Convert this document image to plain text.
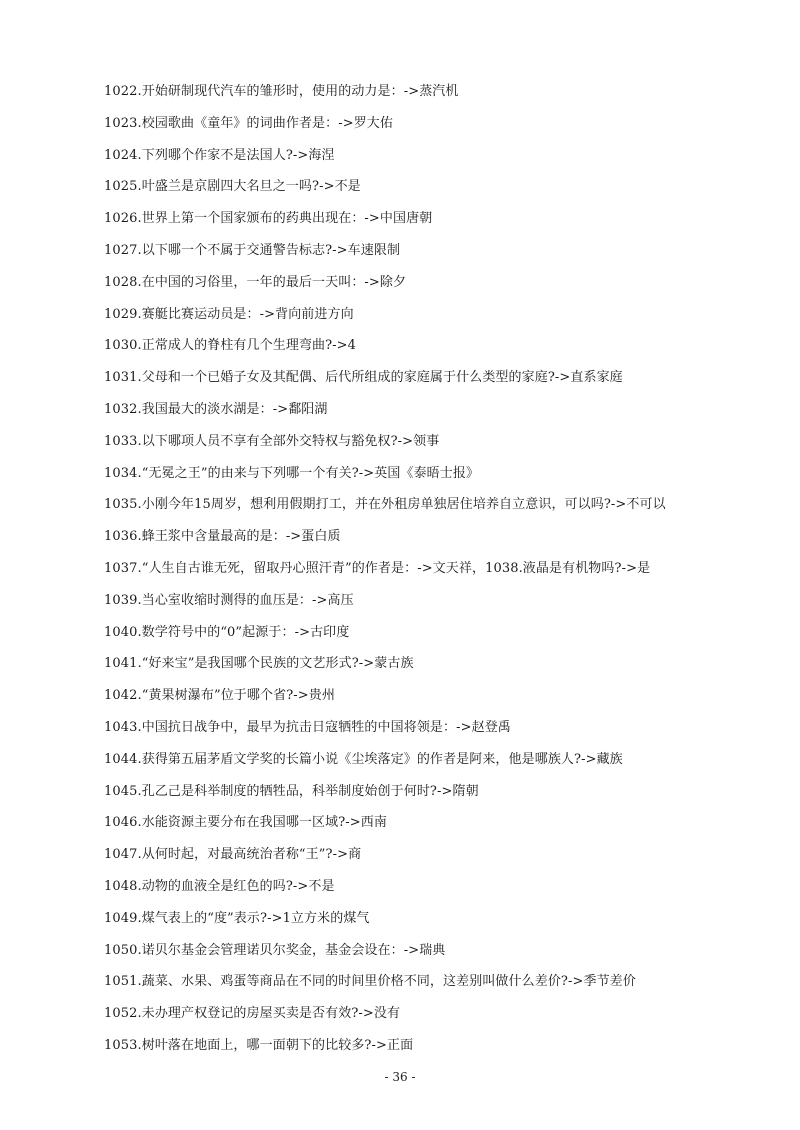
1022.开始研制现代汽车的雏形时，使用的动力是：->蒸汽机
1023.校园歌曲《童年》的词曲作者是：->罗大佑
1024.下列哪个作家不是法国人?->海涅
1025.叶盛兰是京剧四大名旦之一吗?->不是
1026.世界上第一个国家颁布的药典出现在：->中国唐朝
1027.以下哪一个不属于交通警告标志?->车速限制
1028.在中国的习俗里，一年的最后一天叫：->除夕
1029.赛艇比赛运动员是：->背向前进方向
1030.正常成人的脊柱有几个生理弯曲?->4
1031.父母和一个已婚子女及其配偶、后代所组成的家庭属于什么类型的家庭?->直系家庭
1032.我国最大的淡水湖是：->鄱阳湖
1033.以下哪项人员不享有全部外交特权与豁免权?->领事
1034.“无冕之王”的由来与下列哪一个有关?->英国《泰晤士报》
1035.小刚今年15周岁，想利用假期打工，并在外租房单独居住培养自立意识，可以吗?->不可以
1036.蜂王浆中含量最高的是：->蛋白质
1037.“人生自古谁无死，留取丹心照汗青”的作者是：->文天祥，1038.液晶是有机物吗?->是
1039.当心室收缩时测得的血压是：->高压
1040.数学符号中的“0”起源于：->古印度
1041.“好来宝”是我国哪个民族的文艺形式?->蒙古族
1042.“黄果树瀑布”位于哪个省?->贵州
1043.中国抗日战争中，最早为抗击日寇牺牲的中国将领是：->赵登禹
1044.获得第五届茅盾文学奖的长篇小说《尘埃落定》的作者是阿来，他是哪族人?->藏族
1045.孔乙己是科举制度的牺牲品，科举制度始创于何时?->隋朝
1046.水能资源主要分布在我国哪一区域?->西南
1047.从何时起，对最高统治者称“王”?->商
1048.动物的血液全是红色的吗?->不是
1049.煤气表上的“度”表示?->1立方米的煤气
1050.诺贝尔基金会管理诺贝尔奖金，基金会设在：->瑞典
1051.蔬菜、水果、鸡蛋等商品在不同的时间里价格不同，这差别叫做什么差价?->季节差价
1052.未办理产权登记的房屋买卖是否有效?->没有
1053.树叶落在地面上，哪一面朝下的比较多?->正面
- 36 -
